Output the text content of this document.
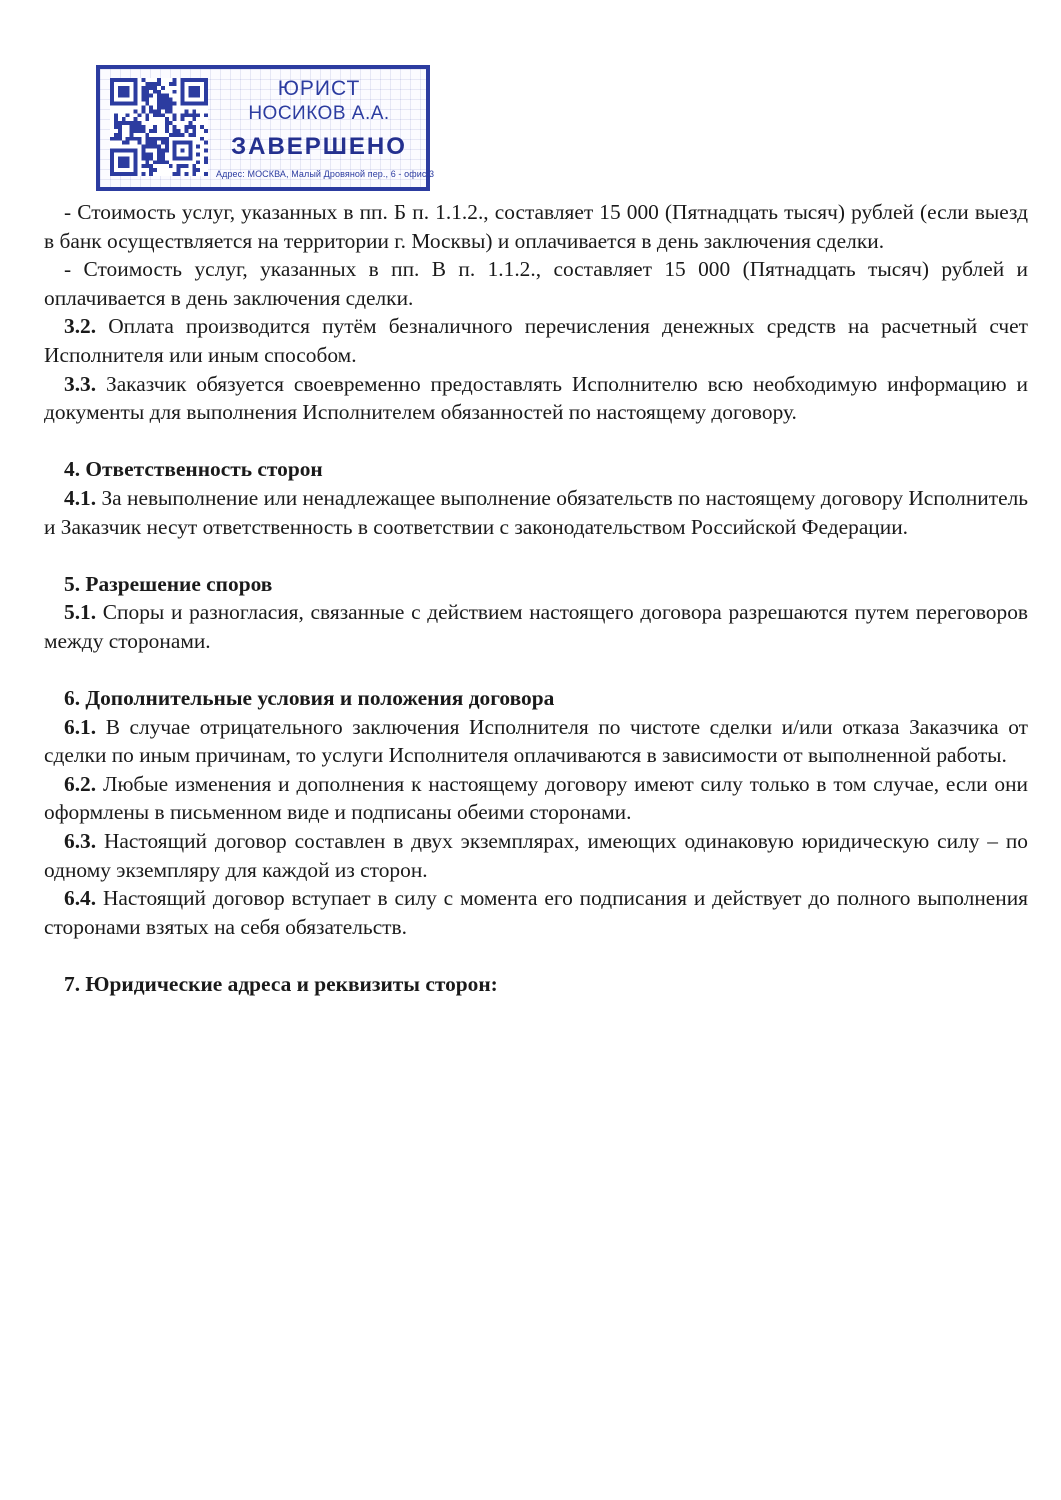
ЮРИСТ
НОСИКОВ А.А.
ЗАВЕРШЕНО
Адрес: МОСКВА, Малый Дровяной пер., 6 - офис 3

- Стоимость услуг, указанных в пп. Б п. 1.1.2., составляет 15 000 (Пятнадцать тысяч) рублей (если выезд в банк осуществляется на территории г. Москвы) и оплачивается в день заключения сделки.

- Стоимость услуг, указанных в пп. В п. 1.1.2., составляет 15 000 (Пятнадцать тысяч) рублей и оплачивается в день заключения сделки.

3.2. Оплата производится путём безналичного перечисления денежных средств на расчетный счет Исполнителя или иным способом.

3.3. Заказчик обязуется своевременно предоставлять Исполнителю всю необходимую информацию и документы для выполнения Исполнителем обязанностей по настоящему договору.

4. Ответственность сторон

4.1. За невыполнение или ненадлежащее выполнение обязательств по настоящему договору Исполнитель и Заказчик несут ответственность в соответствии с законодательством Российской Федерации.

5. Разрешение споров

5.1. Споры и разногласия, связанные с действием настоящего договора разрешаются путем переговоров между сторонами.

6. Дополнительные условия и положения договора

6.1. В случае отрицательного заключения Исполнителя по чистоте сделки и/или отказа Заказчика от сделки по иным причинам, то услуги Исполнителя оплачиваются в зависимости от выполненной работы.

6.2. Любые изменения и дополнения к настоящему договору имеют силу только в том случае, если они оформлены в письменном виде и подписаны обеими сторонами.

6.3. Настоящий договор составлен в двух экземплярах, имеющих одинаковую юридическую силу – по одному экземпляру для каждой из сторон.

6.4. Настоящий договор вступает в силу с момента его подписания и действует до полного выполнения сторонами взятых на себя обязательств.

7. Юридические адреса и реквизиты сторон:
